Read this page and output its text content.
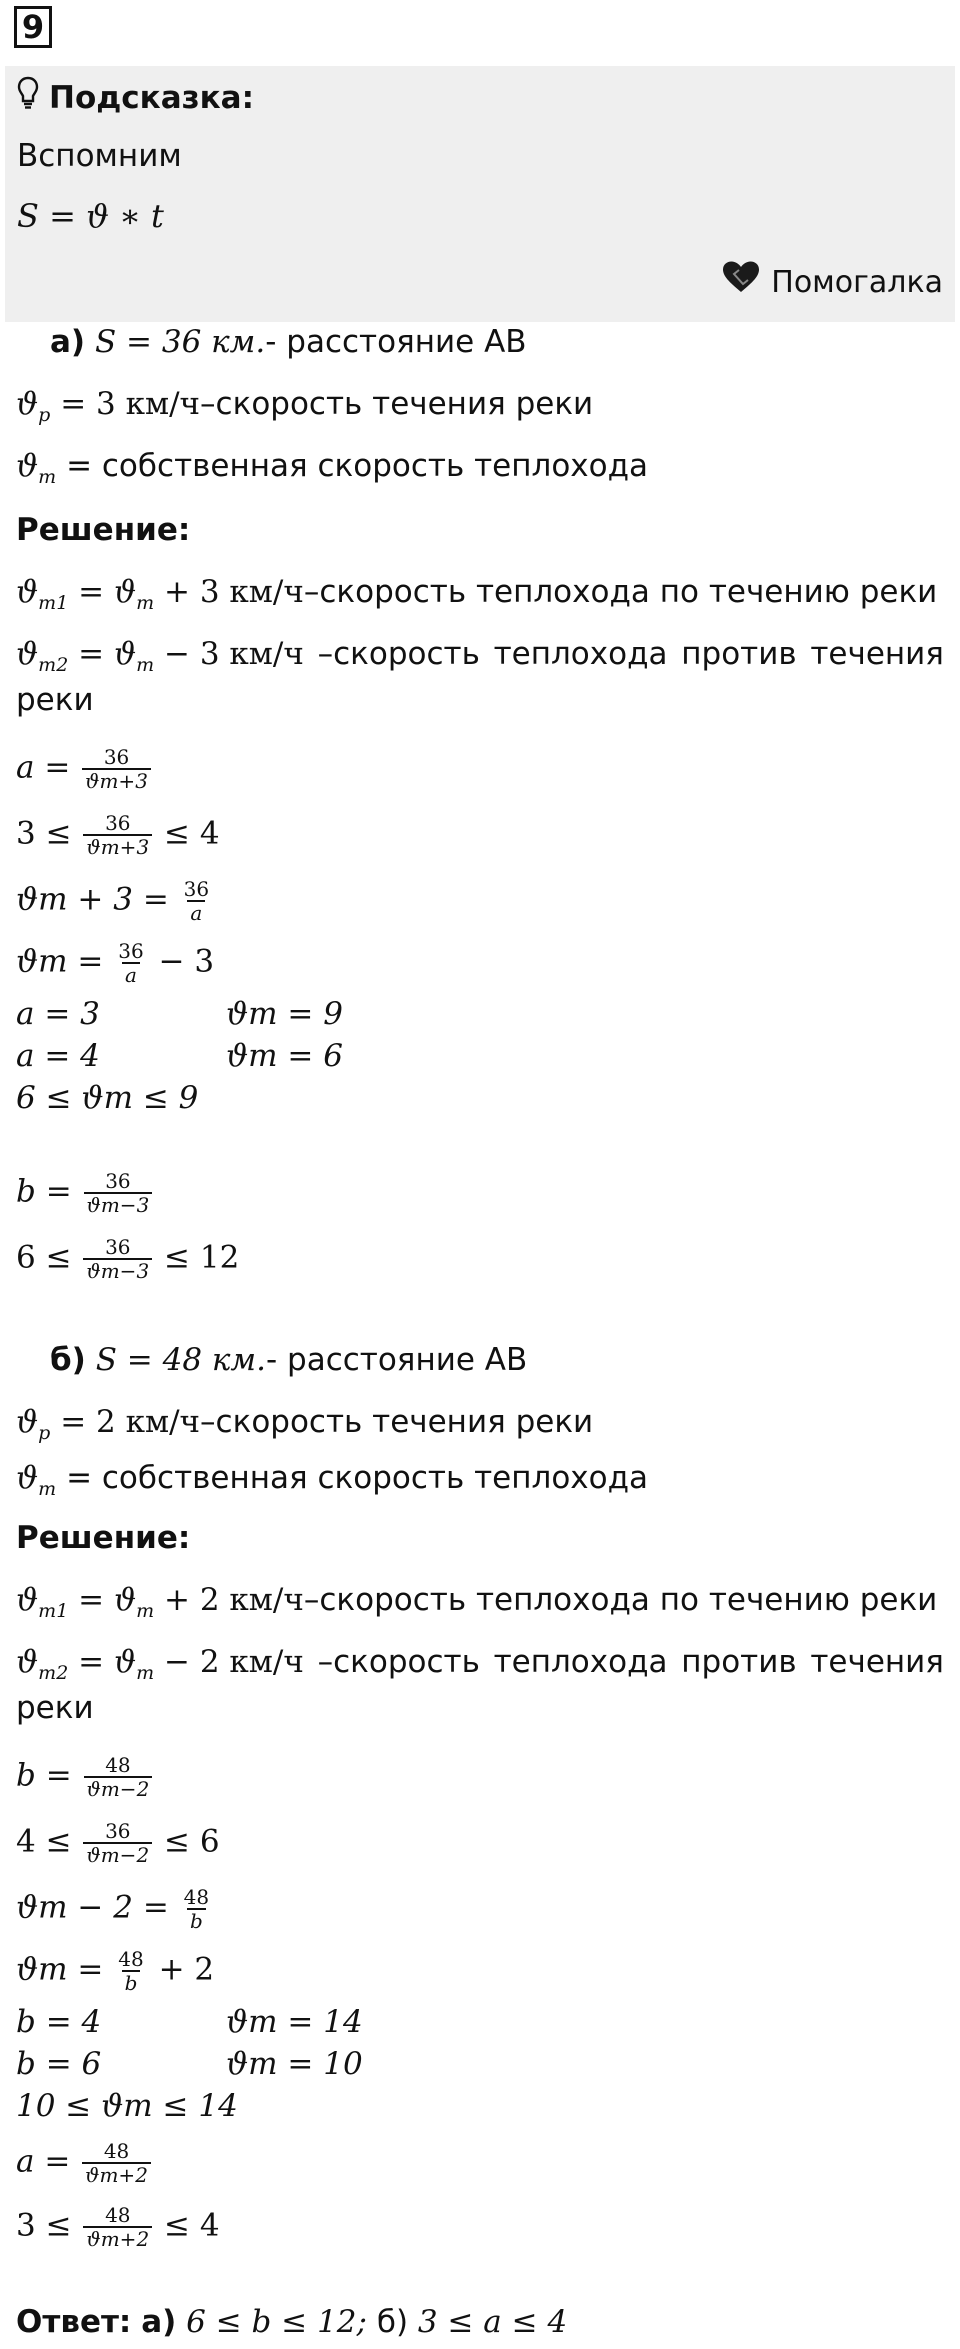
9
Подсказка:
Вспомним
S = ϑ ∗ t
Помогалка
а) S = 36 км.- расстояние АВ
$ϑ_р = 3$ км/ч–скорость течения реки
$ϑ_т$ = собственная скорость теплохода
Решение:
$ϑ_{т1} = ϑ_т + 3$ км/ч–скорость теплохода по течению реки
$ϑ_{т2} = ϑ_т - 3$ км/ч –скорость теплохода против течения
реки
$a = \frac{36}{ϑт+3}$
$3 \le \frac{36}{ϑт+3} \le 4$
$ϑт + 3 = \frac{36}{a}$
$ϑт = \frac{36}{a} - 3$
a = 3	ϑт = 9
a = 4	ϑт = 6
6 ≤ ϑт ≤ 9
$b = \frac{36}{ϑт-3}$
$6 \le \frac{36}{ϑт-3} \le 12$
б) S = 48 км.- расстояние АВ
$ϑ_р = 2$ км/ч–скорость течения реки
$ϑ_т$ = собственная скорость теплохода
Решение:
$ϑ_{т1} = ϑ_т + 2$ км/ч–скорость теплохода по течению реки
$ϑ_{т2} = ϑ_т - 2$ км/ч –скорость теплохода против течения
реки
$b = \frac{48}{ϑт-2}$
$4 \le \frac{36}{ϑт-2} \le 6$
$ϑт - 2 = \frac{48}{b}$
$ϑт = \frac{48}{b} + 2$
b = 4	ϑт = 14
b = 6	ϑт = 10
10 ≤ ϑт ≤ 14
$a = \frac{48}{ϑт+2}$
$3 \le \frac{48}{ϑт+2} \le 4$
Ответ: а) 6 ≤ b ≤ 12; б) 3 ≤ a ≤ 4
